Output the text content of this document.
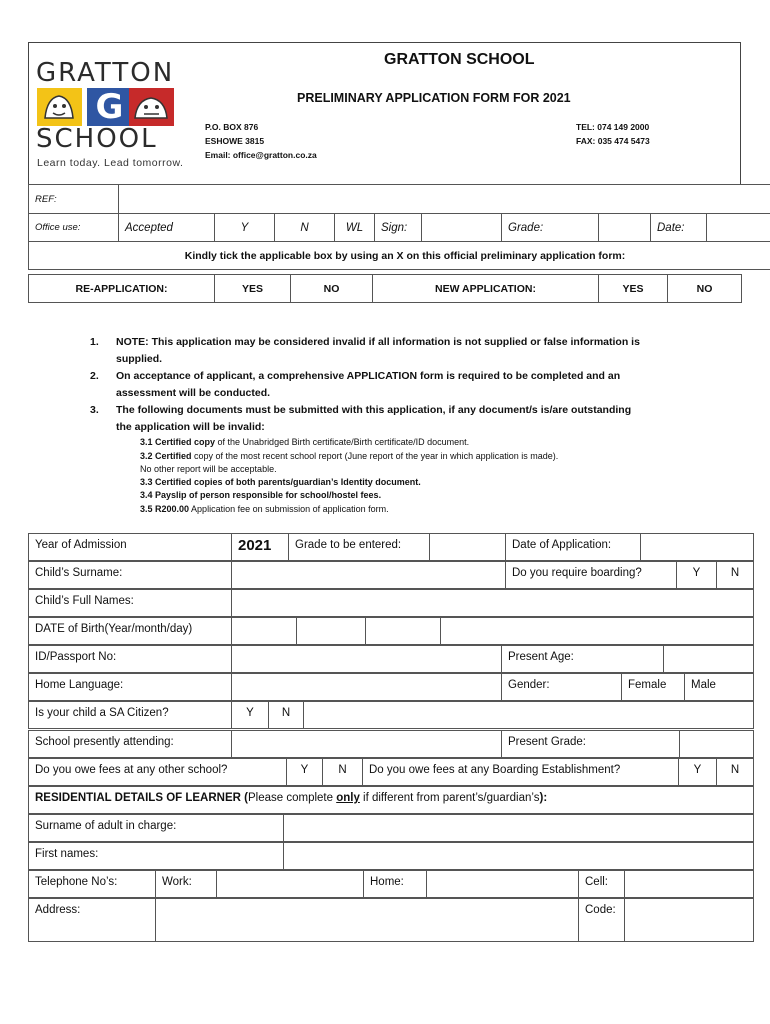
GRATTON
G
SCHOOL
Learn today. Lead tomorrow.
GRATTON SCHOOL
PRELIMINARY APPLICATION FORM FOR 2021
P.O. BOX 876
ESHOWE 3815
Email: office@gratton.co.za
TEL: 074 149 2000
FAX: 035 474 5473
REF:										
Office use:	Accepted	Y	N	WL	Sign:		Grade:		Date:	
Kindly tick the applicable box by using an X on this official preliminary application form:										
RE-APPLICATION:	YES	NO	NEW APPLICATION:	YES	NO
1.	NOTE: This application may be considered invalid if all information is not supplied or false information is supplied.
2.	On acceptance of applicant, a comprehensive APPLICATION form is required to be completed and an assessment will be conducted.
3.	The following documents must be submitted with this application, if any document/s is/are outstanding the application will be invalid:
3.1 Certified copy of the Unabridged Birth certificate/Birth certificate/ID document.
3.2 Certified copy of the most recent school report (June report of the year in which application is made).
No other report will be acceptable.
3.3 Certified copies of both parents/guardian’s Identity document.
3.4 Payslip of person responsible for school/hostel fees.
3.5 R200.00 Application fee on submission of application form.
Year of Admission	2021	Grade to be entered:		Date of Application:	
Child’s Surname:		Do you require boarding?	Y	N
Child’s Full Names:	
DATE of Birth(Year/month/day)				
ID/Passport No:		Present Age:	
Home Language:		Gender:	Female	Male
Is your child a SA Citizen?	Y	N	
School presently attending:		Present Grade:	
Do you owe fees at any other school?	Y	N	Do you owe fees at any Boarding Establishment?	Y	N
RESIDENTIAL DETAILS OF LEARNER (Please complete only if different from parent’s/guardian’s):
Surname of adult in charge:	
First names:	
Telephone No’s:	Work:		Home:		Cell:	
Address:		Code:	
